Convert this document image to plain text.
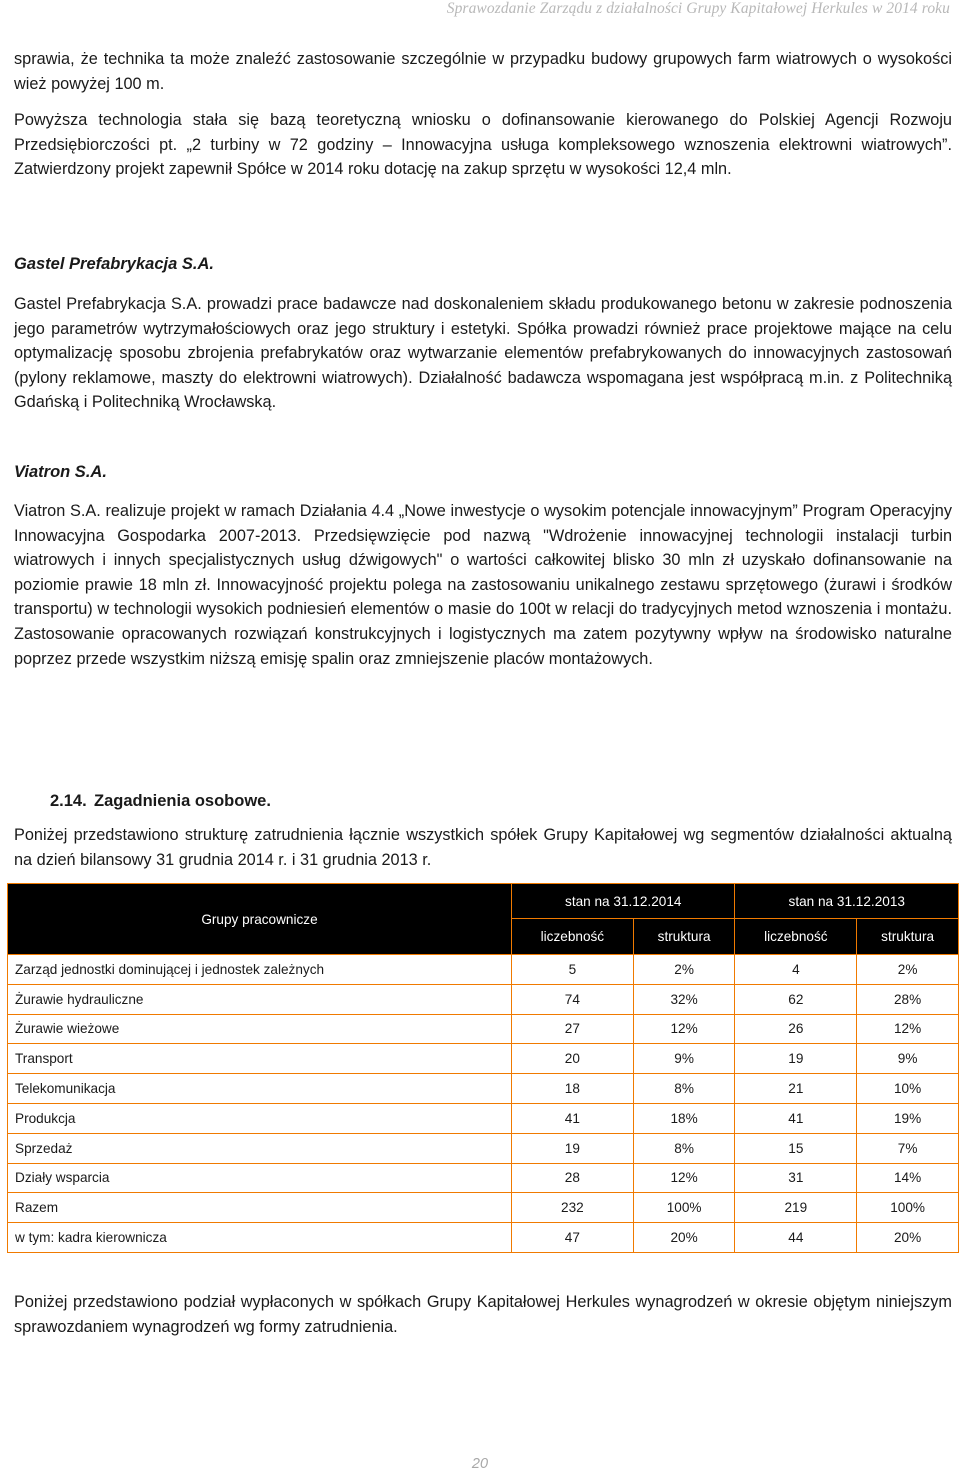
Sprawozdanie Zarządu z działalności Grupy Kapitałowej Herkules w 2014 roku

sprawia, że technika ta może znaleźć zastosowanie szczególnie w przypadku budowy grupowych farm wiatrowych o wysokości wież powyżej 100 m.

Powyższa technologia stała się bazą teoretyczną wniosku o dofinansowanie kierowanego do Polskiej Agencji Rozwoju Przedsiębiorczości pt. „2 turbiny w 72 godziny – Innowacyjna usługa kompleksowego wznoszenia elektrowni wiatrowych”. Zatwierdzony projekt zapewnił Spółce w 2014 roku dotację na zakup sprzętu w wysokości 12,4 mln.

Gastel Prefabrykacja S.A.

Gastel Prefabrykacja S.A. prowadzi prace badawcze nad doskonaleniem składu produkowanego betonu w zakresie podnoszenia jego parametrów wytrzymałościowych oraz jego struktury i estetyki. Spółka prowadzi również prace projektowe mające na celu optymalizację sposobu zbrojenia prefabrykatów oraz wytwarzanie elementów prefabrykowanych do innowacyjnych zastosowań (pylony reklamowe, maszty do elektrowni wiatrowych). Działalność badawcza wspomagana jest współpracą m.in. z Politechniką Gdańską i Politechniką Wrocławską.

Viatron S.A.

Viatron S.A. realizuje projekt w ramach Działania 4.4 „Nowe inwestycje o wysokim potencjale innowacyjnym” Program Operacyjny Innowacyjna Gospodarka 2007-2013. Przedsięwzięcie pod nazwą "Wdrożenie innowacyjnej technologii instalacji turbin wiatrowych i innych specjalistycznych usług dźwigowych" o wartości całkowitej blisko 30 mln zł uzyskało dofinansowanie na poziomie prawie 18 mln zł. Innowacyjność projektu polega na zastosowaniu unikalnego zestawu sprzętowego (żurawi i środków transportu) w technologii wysokich podniesień elementów o masie do 100t w relacji do tradycyjnych metod wznoszenia i montażu. Zastosowanie opracowanych rozwiązań konstrukcyjnych i logistycznych ma zatem pozytywny wpływ na środowisko naturalne poprzez przede wszystkim niższą emisję spalin oraz zmniejszenie placów montażowych.

2.14. Zagadnienia osobowe.

Poniżej przedstawiono strukturę zatrudnienia łącznie wszystkich spółek Grupy Kapitałowej wg segmentów działalności aktualną na dzień bilansowy 31 grudnia 2014 r. i 31 grudnia 2013 r.

Grupy pracownicze	stan na 31.12.2014		stan na 31.12.2013	
	liczebność	struktura	liczebność	struktura
Zarząd jednostki dominującej i jednostek zależnych	5	2%	4	2%
Żurawie hydrauliczne	74	32%	62	28%
Żurawie wieżowe	27	12%	26	12%
Transport	20	9%	19	9%
Telekomunikacja	18	8%	21	10%
Produkcja	41	18%	41	19%
Sprzedaż	19	8%	15	7%
Działy wsparcia	28	12%	31	14%
Razem	232	100%	219	100%
w tym: kadra kierownicza	47	20%	44	20%

Poniżej przedstawiono podział wypłaconych w spółkach Grupy Kapitałowej Herkules wynagrodzeń w okresie objętym niniejszym sprawozdaniem wynagrodzeń wg formy zatrudnienia.

20
